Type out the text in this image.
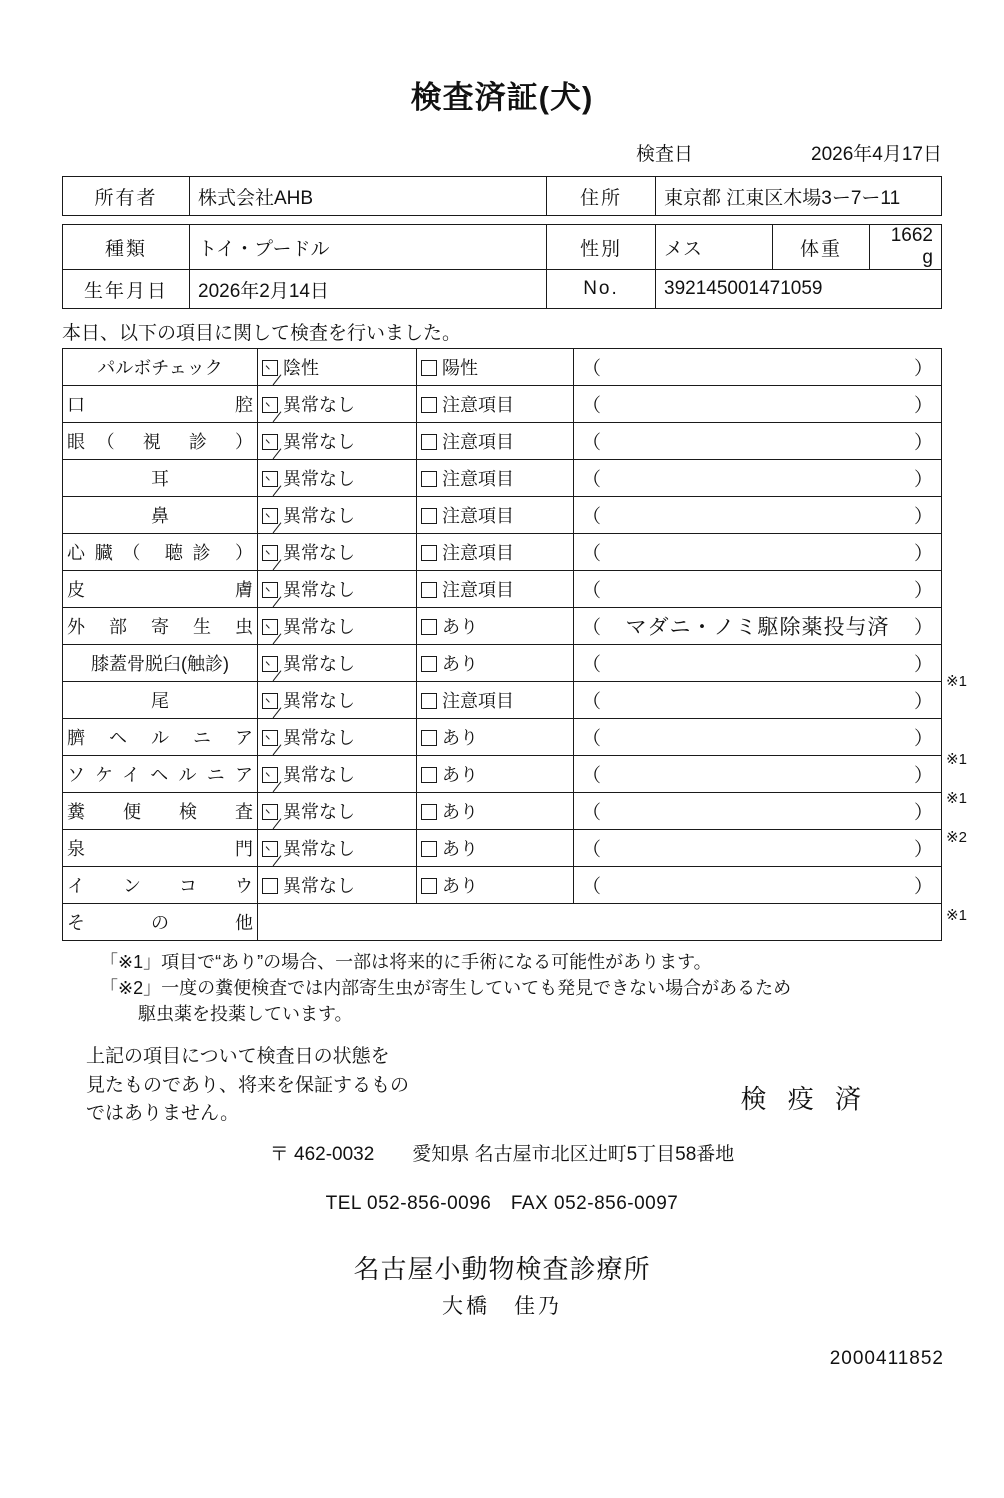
検査済証(犬)
検査日	2026年4月17日
所有者	株式会社AHB	住所	東京都 江東区木場3ー7ー11
種類	トイ・プードル	性別	メス	体重	1662g
生年月日	2026年2月14日	No.	392145001471059		
本日、以下の項目に関して検査を行いました。
パルボチェック	陰性	陽性	（ ）

口　　　　腔	異常なし	注意項目	（ ）

眼（ 視 診 ）	異常なし	注意項目	（ ）

耳	異常なし	注意項目	（ ）

鼻	異常なし	注意項目	（ ）

心臓（ 聴診 ）	異常なし	注意項目	（ ）

皮　　　　膚	異常なし	注意項目	（ ）

外 部 寄 生 虫	異常なし	あり	（ マダニ・ノミ駆除薬投与済 ）

膝蓋骨脱臼(触診)	異常なし	あり	（ ）

尾	異常なし	注意項目	（ ）

臍 ヘ ル ニ ア	異常なし	あり	（ ）

ソケイヘルニア	異常なし	あり	（ ）

糞 便 検 査	異常なし	あり	（ ）

泉　　　　門	異常なし	あり	（ ）

イ ン コ ウ	異常なし	あり	（ ）

そ の 他			
※1
※1
※1
※2
※1
「※1」項目で“あり”の場合、一部は将来的に手術になる可能性があります。
「※2」一度の糞便検査では内部寄生虫が寄生していても発見できない場合があるため
駆虫薬を投薬しています。
上記の項目について検査日の状態を
見たものであり、将来を保証するもの
ではありません。	検 疫 済
〒 462-0032　　愛知県 名古屋市北区辻町5丁目58番地
TEL 052-856-0096　FAX 052-856-0097
名古屋小動物検査診療所
大橋　佳乃
2000411852
